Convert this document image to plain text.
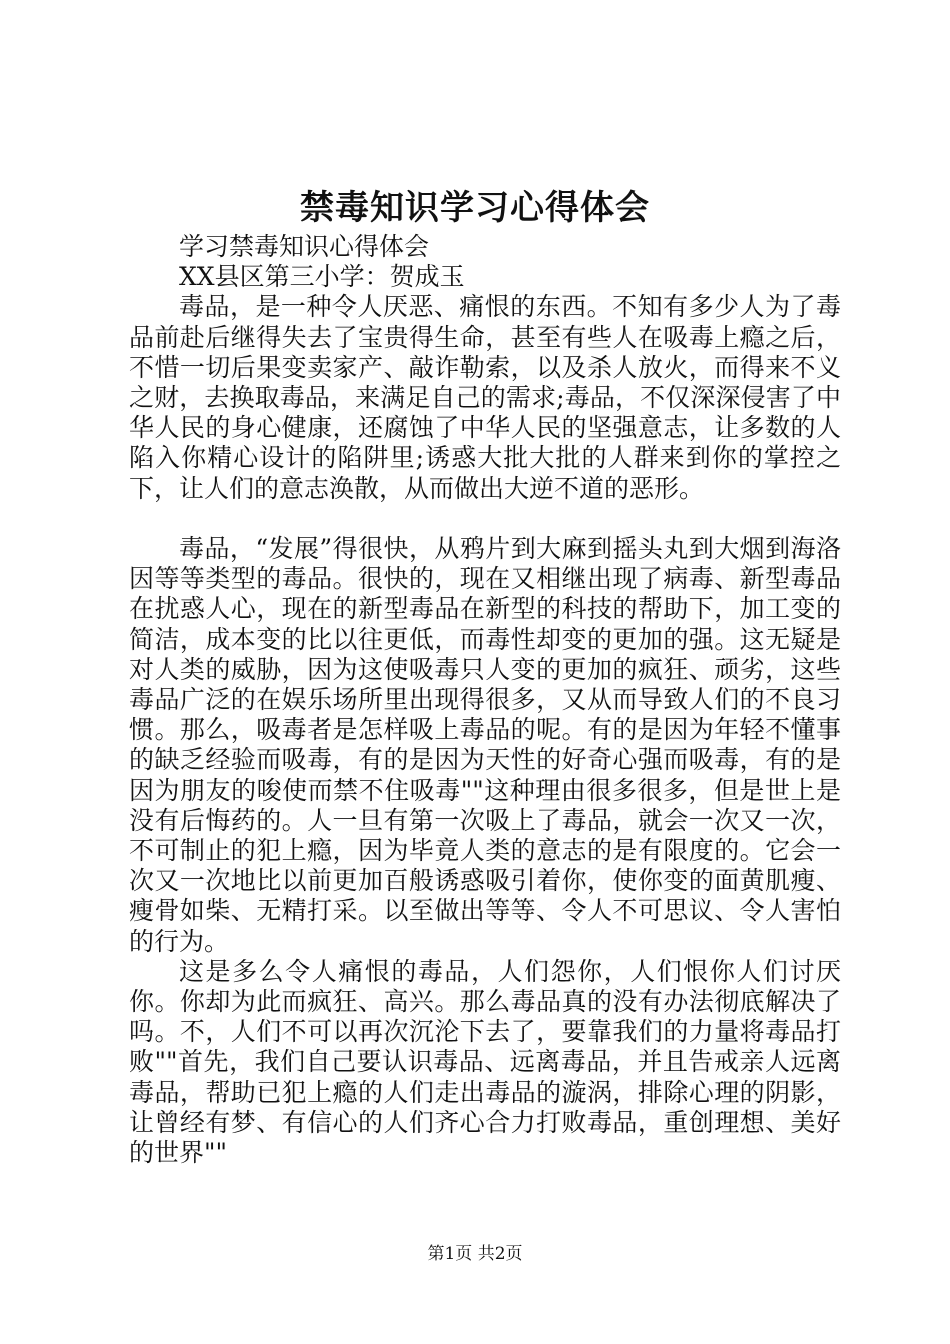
禁毒知识学习心得体会

学习禁毒知识心得体会

XX县区第三小学：贺成玉

毒品，是一种令人厌恶、痛恨的东西。不知有多少人为了毒品前赴后继得失去了宝贵得生命，甚至有些人在吸毒上瘾之后，不惜一切后果变卖家产、敲诈勒索，以及杀人放火，而得来不义之财，去换取毒品，来满足自己的需求;毒品，不仅深深侵害了中华人民的身心健康，还腐蚀了中华人民的坚强意志，让多数的人陷入你精心设计的陷阱里;诱惑大批大批的人群来到你的掌控之下，让人们的意志涣散，从而做出大逆不道的恶形。

毒品，“发展”得很快，从鸦片到大麻到摇头丸到大烟到海洛因等等类型的毒品。很快的，现在又相继出现了病毒、新型毒品在扰惑人心，现在的新型毒品在新型的科技的帮助下，加工变的简洁，成本变的比以往更低，而毒性却变的更加的强。这无疑是对人类的威胁，因为这使吸毒只人变的更加的疯狂、顽劣，这些毒品广泛的在娱乐场所里出现得很多，又从而导致人们的不良习惯。那么，吸毒者是怎样吸上毒品的呢。有的是因为年轻不懂事的缺乏经验而吸毒，有的是因为天性的好奇心强而吸毒，有的是因为朋友的唆使而禁不住吸毒""这种理由很多很多，但是世上是没有后悔药的。人一旦有第一次吸上了毒品，就会一次又一次，不可制止的犯上瘾，因为毕竟人类的意志的是有限度的。它会一次又一次地比以前更加百般诱惑吸引着你，使你变的面黄肌瘦、瘦骨如柴、无精打采。以至做出等等、令人不可思议、令人害怕的行为。

这是多么令人痛恨的毒品，人们怨你，人们恨你人们讨厌你。你却为此而疯狂、高兴。那么毒品真的没有办法彻底解决了吗。不，人们不可以再次沉沦下去了，要靠我们的力量将毒品打败""首先，我们自己要认识毒品、远离毒品，并且告戒亲人远离毒品，帮助已犯上瘾的人们走出毒品的漩涡，排除心理的阴影，让曾经有梦、有信心的人们齐心合力打败毒品，重创理想、美好的世界""

第1页 共2页
